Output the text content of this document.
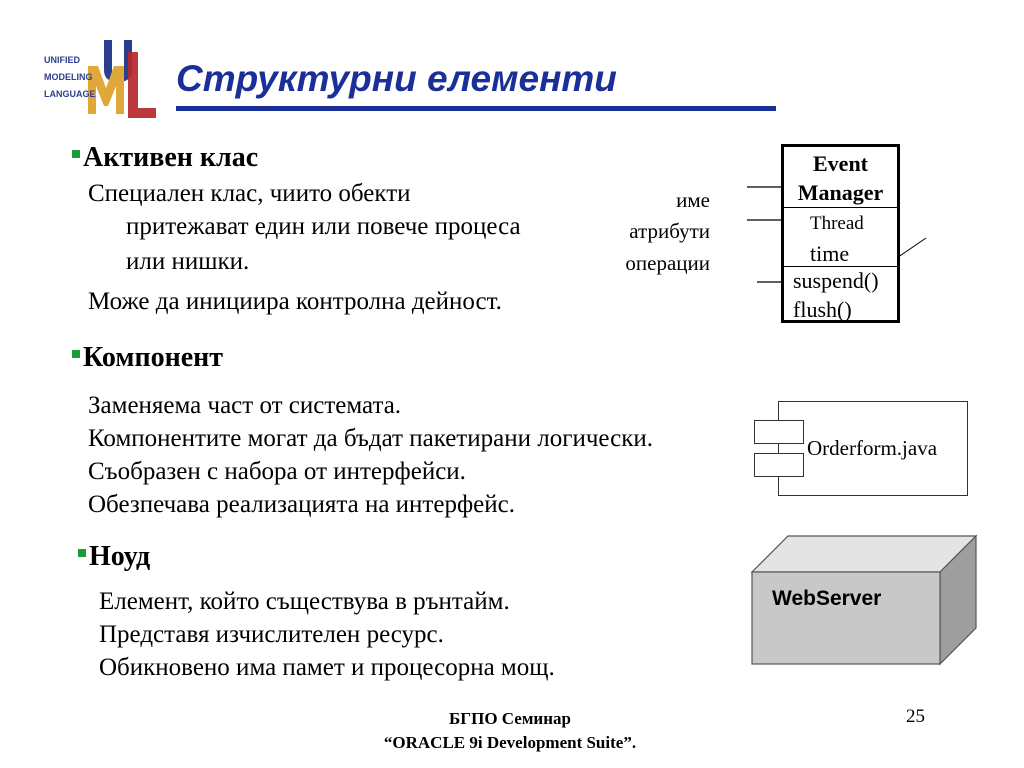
UNIFIED
MODELING
LANGUAGE Структурни елементи
Активен клас
Специален клас, чиито обекти
притежават един или повече процеса
или нишки.
Може да инициира контролна дейност.
име
атрибути
операции
Event
Manager
Thread
time
suspend()
flush()
Компонент
Заменяема част от системата.
Компонентите могат да бъдат пакетирани логически.
Съобразен с набора от интерфейси.
Обезпечава реализацията на интерфейс.
Orderform.java
Ноуд
Елемент, който съществува в рънтайм.
Представя изчислителен ресурс.
Обикновено има памет и процесорна мощ.
WebServer
БГПО Семинар
“ORACLE 9i Development Suite”.
25
